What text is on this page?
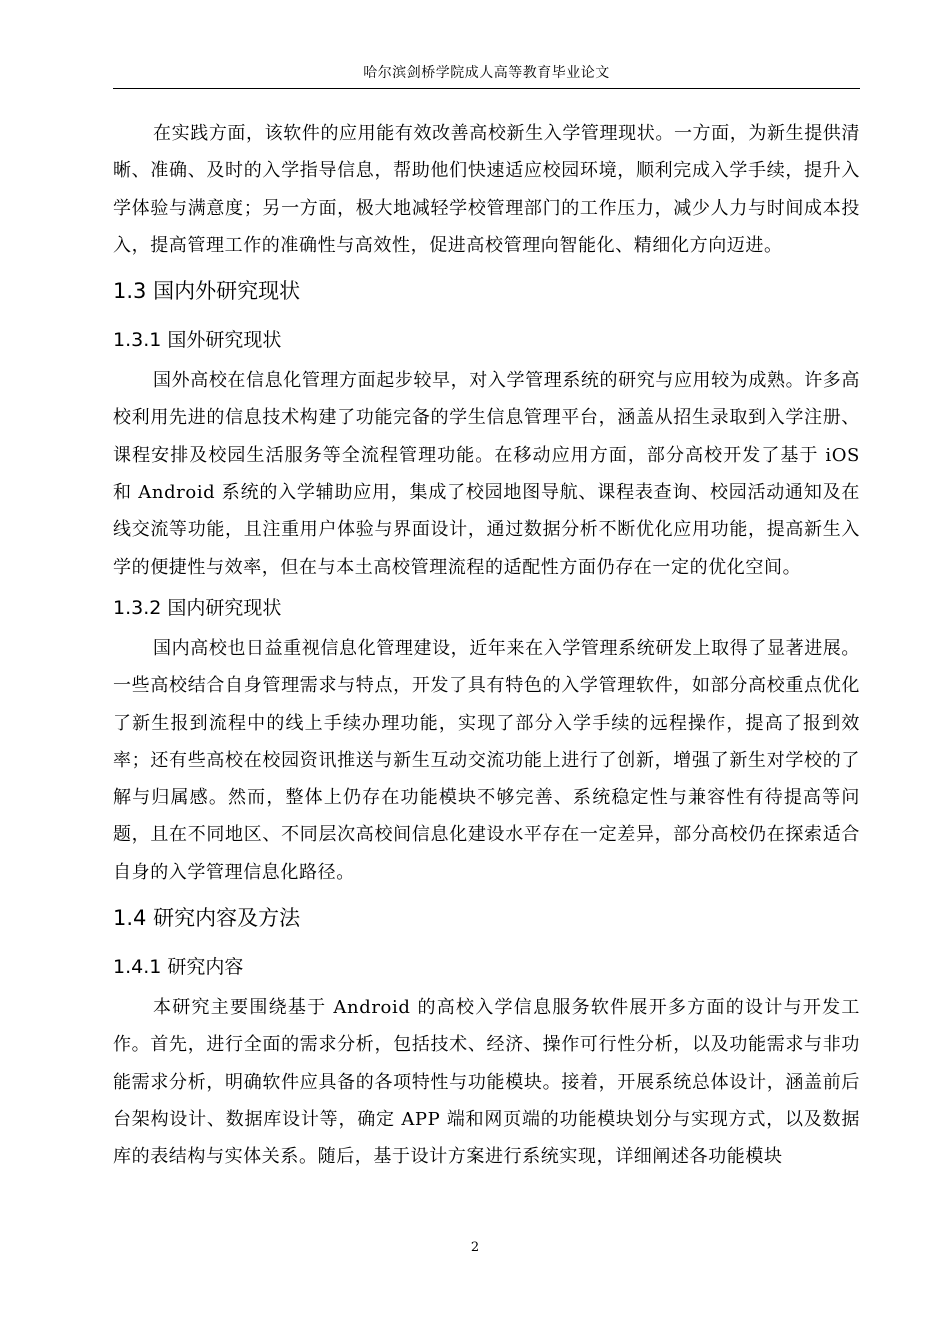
哈尔滨剑桥学院成人高等教育毕业论文

在实践方面，该软件的应用能有效改善高校新生入学管理现状。一方面，为新生提供清晰、准确、及时的入学指导信息，帮助他们快速适应校园环境，顺利完成入学手续，提升入学体验与满意度；另一方面，极大地减轻学校管理部门的工作压力，减少人力与时间成本投入，提高管理工作的准确性与高效性，促进高校管理向智能化、精细化方向迈进。

1.3 国内外研究现状
1.3.1 国外研究现状

国外高校在信息化管理方面起步较早，对入学管理系统的研究与应用较为成熟。许多高校利用先进的信息技术构建了功能完备的学生信息管理平台，涵盖从招生录取到入学注册、课程安排及校园生活服务等全流程管理功能。在移动应用方面，部分高校开发了基于 iOS 和 Android 系统的入学辅助应用，集成了校园地图导航、课程表查询、校园活动通知及在线交流等功能，且注重用户体验与界面设计，通过数据分析不断优化应用功能，提高新生入学的便捷性与效率，但在与本土高校管理流程的适配性方面仍存在一定的优化空间。

1.3.2 国内研究现状

国内高校也日益重视信息化管理建设，近年来在入学管理系统研发上取得了显著进展。一些高校结合自身管理需求与特点，开发了具有特色的入学管理软件，如部分高校重点优化了新生报到流程中的线上手续办理功能，实现了部分入学手续的远程操作，提高了报到效率；还有些高校在校园资讯推送与新生互动交流功能上进行了创新，增强了新生对学校的了解与归属感。然而，整体上仍存在功能模块不够完善、系统稳定性与兼容性有待提高等问题，且在不同地区、不同层次高校间信息化建设水平存在一定差异，部分高校仍在探索适合自身的入学管理信息化路径。

1.4 研究内容及方法
1.4.1 研究内容

本研究主要围绕基于 Android 的高校入学信息服务软件展开多方面的设计与开发工作。首先，进行全面的需求分析，包括技术、经济、操作可行性分析，以及功能需求与非功能需求分析，明确软件应具备的各项特性与功能模块。接着，开展系统总体设计，涵盖前后台架构设计、数据库设计等，确定 APP 端和网页端的功能模块划分与实现方式，以及数据库的表结构与实体关系。随后，基于设计方案进行系统实现，详细阐述各功能模块

2
